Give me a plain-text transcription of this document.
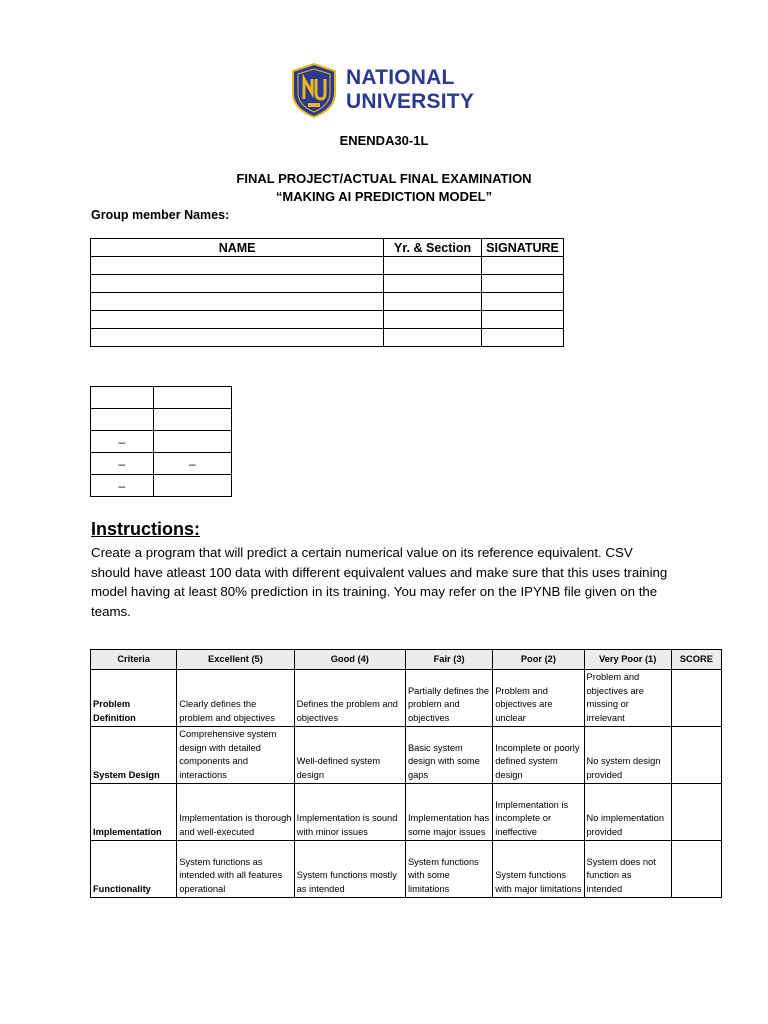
NATIONAL
UNIVERSITY
ENENDA30-1L
FINAL PROJECT/ACTUAL FINAL EXAMINATION
“MAKING AI PREDICTION MODEL”
Group member Names:
NAME	Yr. & Section	SIGNATURE

–	
–	–
–	
Instructions:
Create a program that will predict a certain numerical value on its reference equivalent. CSV should have atleast 100 data with different equivalent values and make sure that this uses training model having at least 80% prediction in its training. You may refer on the IPYNB file given on the teams.
Criteria	Excellent (5)	Good (4)	Fair (3)	Poor (2)	Very Poor (1)	SCORE
Problem Definition	Clearly defines the problem and objectives	Defines the problem and objectives	Partially defines the problem and objectives	Problem and objectives are unclear	Problem and objectives are missing or irrelevant	
System Design	Comprehensive system design with detailed components and interactions	Well-defined system design	Basic system design with some gaps	Incomplete or poorly defined system design	No system design provided	
Implementation	Implementation is thorough and well-executed	Implementation is sound with minor issues	Implementation has some major issues	Implementation is incomplete or ineffective	No implementation provided	
Functionality	System functions as intended with all features operational	System functions mostly as intended	System functions with some limitations	System functions with major limitations	System does not function as intended	
